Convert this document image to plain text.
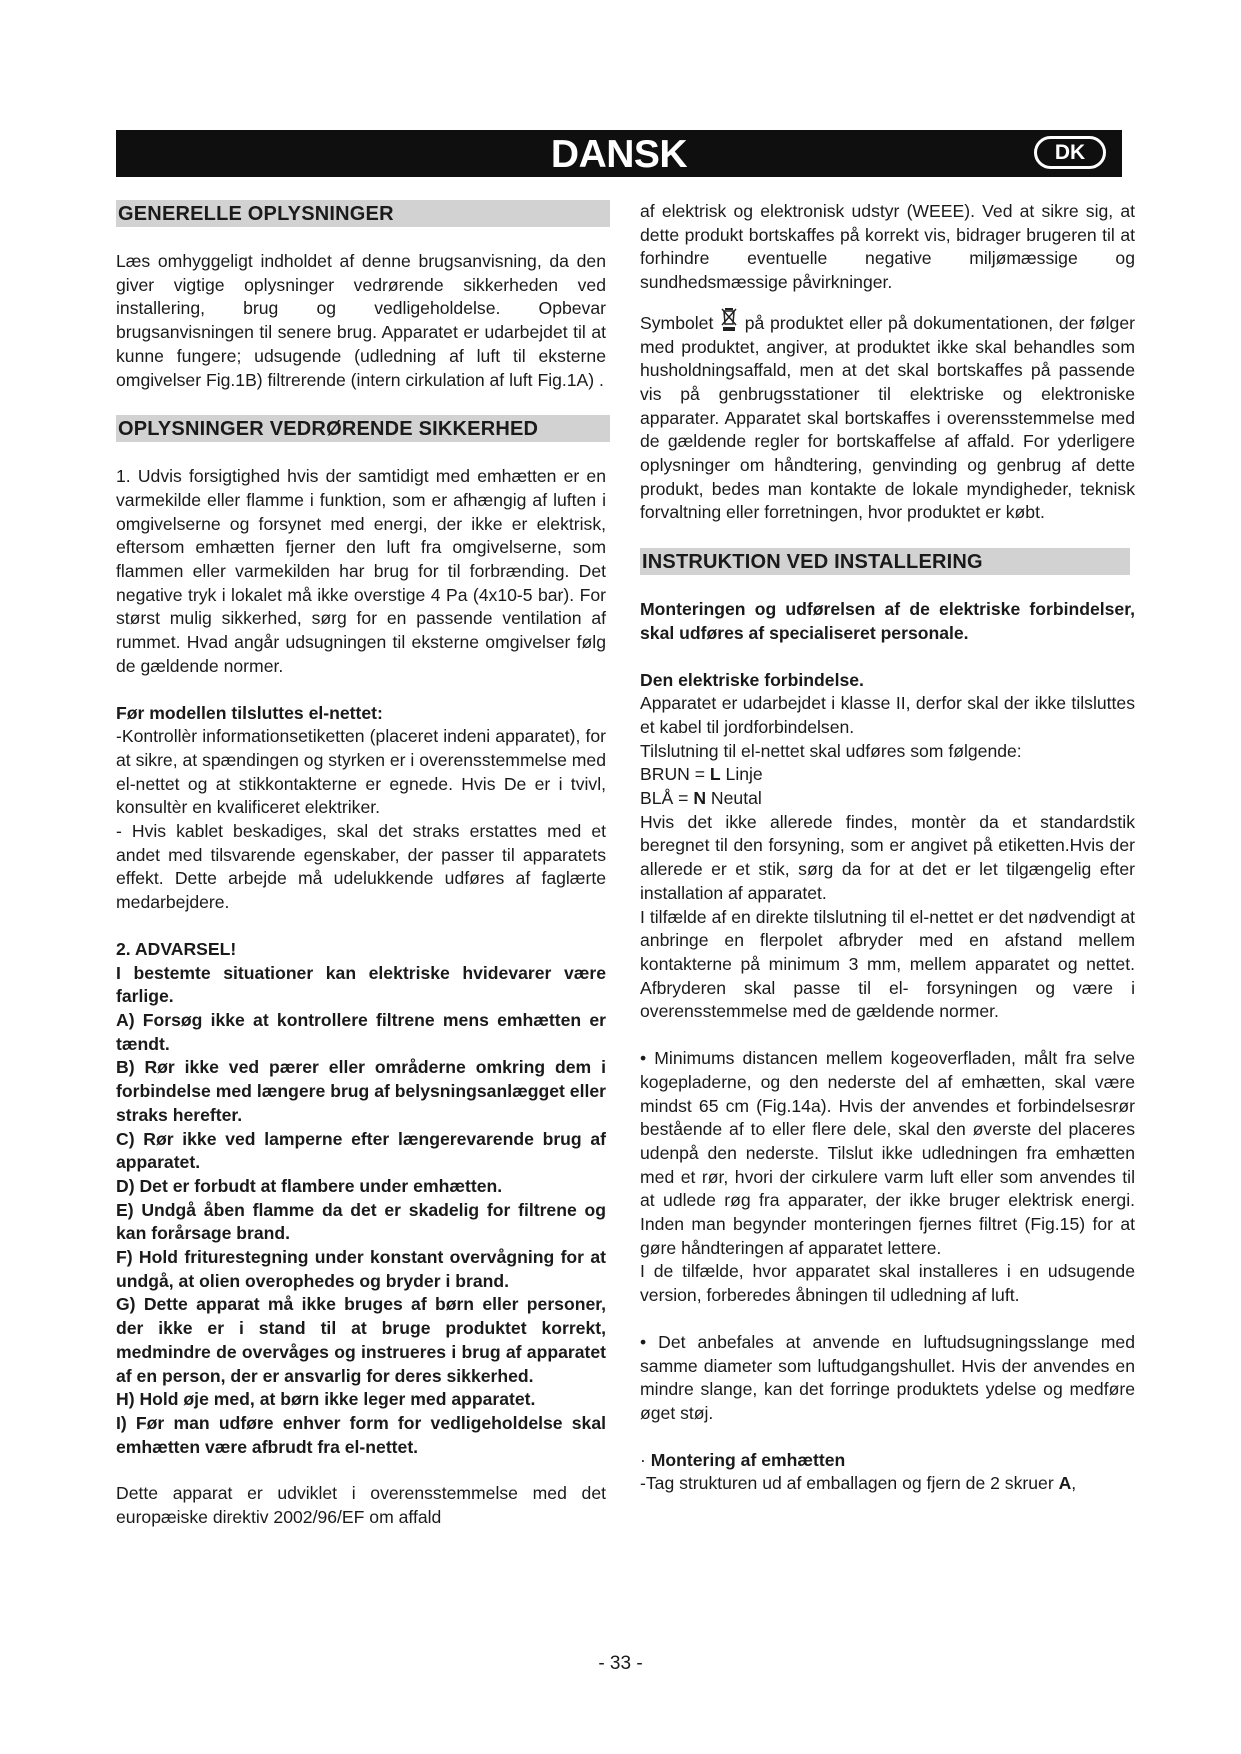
DANSK	DK
GENERELLE OPLYSNINGER

Læs omhyggeligt indholdet af denne brugsanvisning, da den giver vigtige oplysninger vedrørende sikkerheden ved installering, brug og vedligeholdelse. Opbevar brugsanvisningen til senere brug. Apparatet er udarbejdet til at kunne fungere; udsugende (udledning af luft til eksterne omgivelser Fig.1B) filtrerende (intern cirkulation af luft Fig.1A) .

OPLYSNINGER VEDRØRENDE SIKKERHED

1. Udvis forsigtighed hvis der samtidigt med emhætten er en varmekilde eller flamme i funktion, som er afhængig af luften i omgivelserne og forsynet med energi, der ikke er elektrisk, eftersom emhætten fjerner den luft fra omgivelserne, som flammen eller varmekilden har brug for til forbrænding. Det negative tryk i lokalet må ikke overstige 4 Pa (4x10-5 bar). For størst mulig sikkerhed, sørg for en passende ventilation af rummet. Hvad angår udsugningen til eksterne omgivelser følg de gældende normer.

Før modellen tilsluttes el-nettet:

-Kontrollèr informationsetiketten (placeret indeni apparatet), for at sikre, at spændingen og styrken er i overensstemmelse med el-nettet og at stikkontakterne er egnede. Hvis De er i tvivl, konsultèr en kvalificeret elektriker.

- Hvis kablet beskadiges, skal det straks erstattes med et andet med tilsvarende egenskaber, der passer til apparatets effekt. Dette arbejde må udelukkende udføres af faglærte medarbejdere.

2. ADVARSEL!

I bestemte situationer kan elektriske hvidevarer være farlige.

A) Forsøg ikke at kontrollere filtrene mens emhætten er tændt.

B) Rør ikke ved pærer eller områderne omkring dem i forbindelse med længere brug af belysningsanlægget eller straks herefter.

C) Rør ikke ved lamperne efter længerevarende brug af apparatet.

D) Det er forbudt at flambere under emhætten.

E) Undgå åben flamme da det er skadelig for filtrene og kan forårsage brand.

F) Hold friturestegning under konstant overvågning for at undgå, at olien overophedes og bryder i brand.

G) Dette apparat må ikke bruges af børn eller personer, der ikke er i stand til at bruge produktet korrekt, medmindre de overvåges og instrueres i brug af apparatet af en person, der er ansvarlig for deres sikkerhed.

H) Hold øje med, at børn ikke leger med apparatet.

I) Før man udføre enhver form for vedligeholdelse skal emhætten være afbrudt fra el-nettet.

Dette apparat er udviklet i overensstemmelse med det europæiske direktiv 2002/96/EF om affald

af elektrisk og elektronisk udstyr (WEEE). Ved at sikre sig, at dette produkt bortskaffes på korrekt vis, bidrager brugeren til at forhindre eventuelle negative miljømæssige og sundhedsmæssige påvirkninger.

Symbolet på produktet eller på dokumentationen, der følger med produktet, angiver, at produktet ikke skal behandles som husholdningsaffald, men at det skal bortskaffes på passende vis på genbrugsstationer til elektriske og elektroniske apparater. Apparatet skal bortskaffes i overensstemmelse med de gældende regler for bortskaffelse af affald. For yderligere oplysninger om håndtering, genvinding og genbrug af dette produkt, bedes man kontakte de lokale myndigheder, teknisk forvaltning eller forretningen, hvor produktet er købt.

INSTRUKTION VED INSTALLERING

Monteringen og udførelsen af de elektriske forbindelser, skal udføres af specialiseret personale.

Den elektriske forbindelse.

Apparatet er udarbejdet i klasse II, derfor skal der ikke tilsluttes et kabel til jordforbindelsen.

Tilslutning til el-nettet skal udføres som følgende:

BRUN = L Linje

BLÅ = N Neutal

Hvis det ikke allerede findes, montèr da et standardstik beregnet til den forsyning, som er angivet på etiketten.Hvis der allerede er et stik, sørg da for at det er let tilgængelig efter installation af apparatet.

I tilfælde af en direkte tilslutning til el-nettet er det nødvendigt at anbringe en flerpolet afbryder med en afstand mellem kontakterne på minimum 3 mm, mellem apparatet og nettet. Afbryderen skal passe til el- forsyningen og være i overensstemmelse med de gældende normer.

• Minimums distancen mellem kogeoverfladen, målt fra selve kogepladerne, og den nederste del af emhætten, skal være mindst 65 cm (Fig.14a). Hvis der anvendes et forbindelsesrør bestående af to eller flere dele, skal den øverste del placeres udenpå den nederste. Tilslut ikke udledningen fra emhætten med et rør, hvori der cirkulere varm luft eller som anvendes til at udlede røg fra apparater, der ikke bruger elektrisk energi. Inden man begynder monteringen fjernes filtret (Fig.15) for at gøre håndteringen af apparatet lettere.

I de tilfælde, hvor apparatet skal installeres i en udsugende version, forberedes åbningen til udledning af luft.

• Det anbefales at anvende en luftudsugningsslange med samme diameter som luftudgangshullet. Hvis der anvendes en mindre slange, kan det forringe produktets ydelse og medføre øget støj.

· Montering af emhætten

-Tag strukturen ud af emballagen og fjern de 2 skruer A,

- 33 -
